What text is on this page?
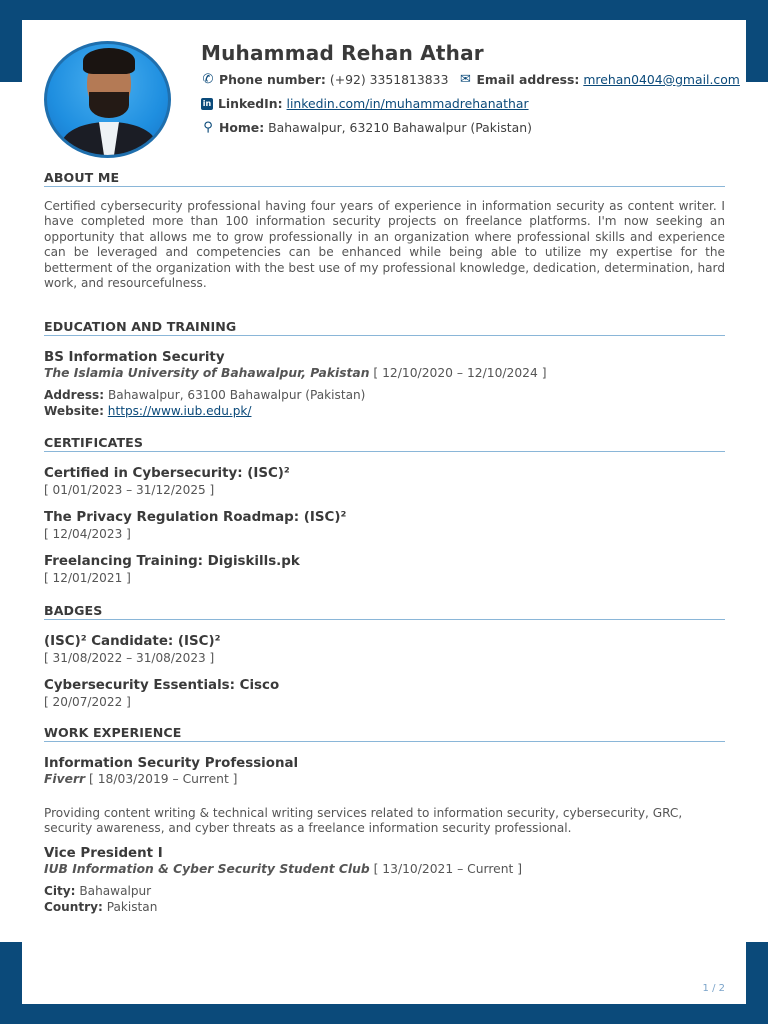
Muhammad Rehan Athar
✆ Phone number: (+92) 3351813833 ✉ Email address: mrehan0404@gmail.com
in LinkedIn: linkedin.com/in/muhammadrehanathar
⚲ Home: Bahawalpur, 63210 Bahawalpur (Pakistan)
ABOUT ME
Certified cybersecurity professional having four years of experience in information security as content writer. I have completed more than 100 information security projects on freelance platforms. I'm now seeking an opportunity that allows me to grow professionally in an organization where professional skills and experience can be leveraged and competencies can be enhanced while being able to utilize my expertise for the betterment of the organization with the best use of my professional knowledge, dedication, determination, hard work, and resourcefulness.
EDUCATION AND TRAINING
BS Information Security
The Islamia University of Bahawalpur, Pakistan [ 12/10/2020 – 12/10/2024 ]
Address: Bahawalpur, 63100 Bahawalpur (Pakistan)
Website: https://www.iub.edu.pk/
CERTIFICATES
Certified in Cybersecurity: (ISC)²
[ 01/01/2023 – 31/12/2025 ]
The Privacy Regulation Roadmap: (ISC)²
[ 12/04/2023 ]
Freelancing Training: Digiskills.pk
[ 12/01/2021 ]
BADGES
(ISC)² Candidate: (ISC)²
[ 31/08/2022 – 31/08/2023 ]
Cybersecurity Essentials: Cisco
[ 20/07/2022 ]
WORK EXPERIENCE
Information Security Professional
Fiverr [ 18/03/2019 – Current ]
Providing content writing & technical writing services related to information security, cybersecurity, GRC, security awareness, and cyber threats as a freelance information security professional.
Vice President I
IUB Information & Cyber Security Student Club [ 13/10/2021 – Current ]
City: Bahawalpur
Country: Pakistan
1 / 2
